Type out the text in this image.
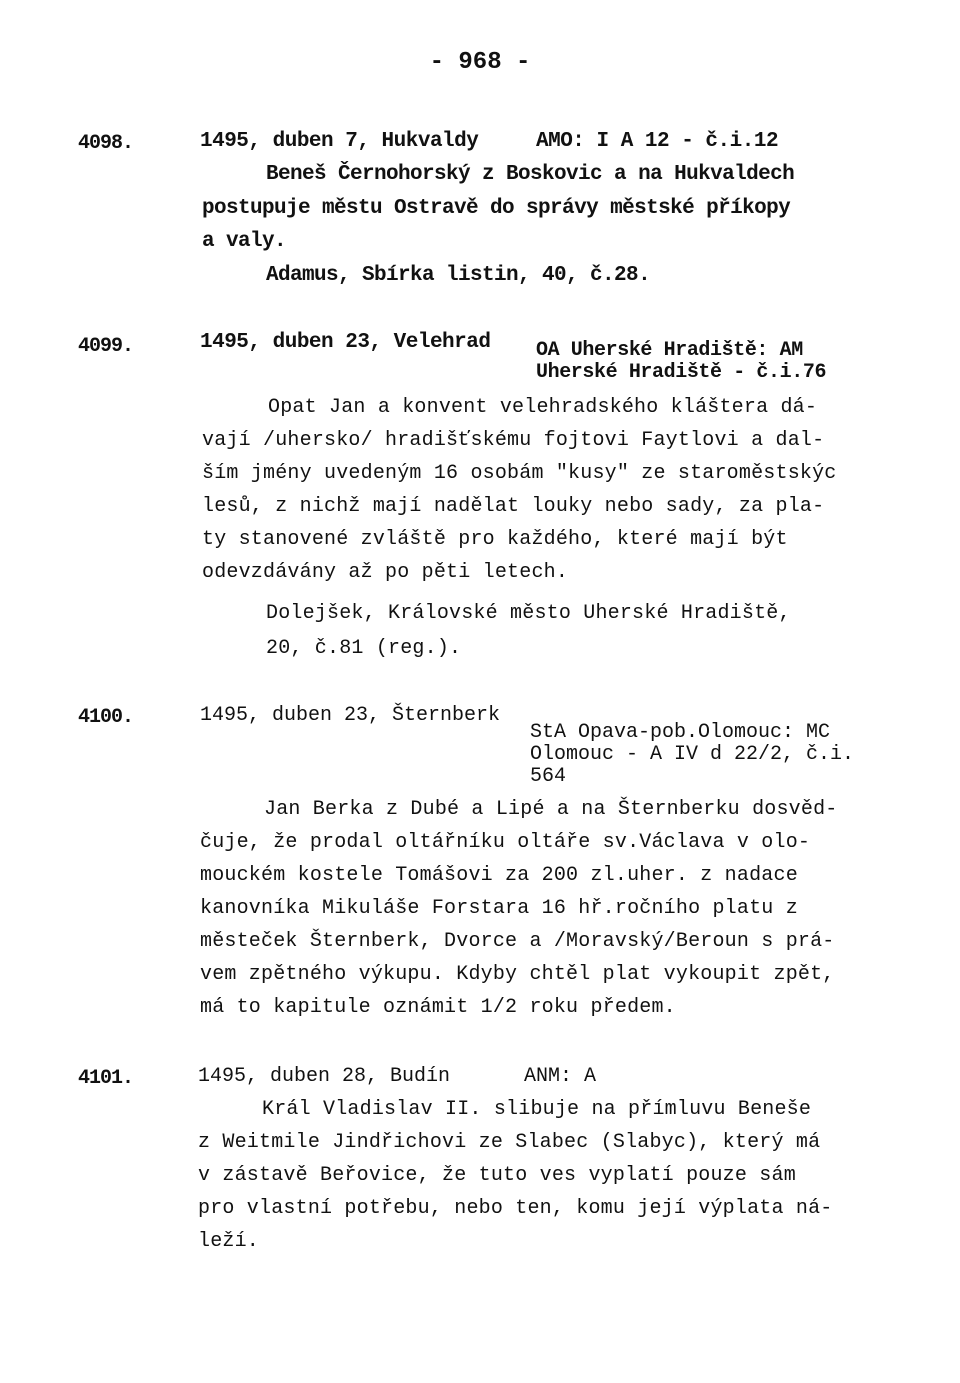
- 968 -
4098.	1495, duben 7, Hukvaldy	AMO: I A 12 - č.i.12
Beneš Černohorský z Boskovic a na Hukvaldech
postupuje městu Ostravě do správy městské příkopy
a valy.
Adamus, Sbírka listin, 40, č.28.
4099.	1495, duben 23, Velehrad OA Uherské Hradiště: AM
Uherské Hradiště - č.i.76
Opat Jan a konvent velehradského kláštera dá-
vají /uhersko/ hradišťskému fojtovi Faytlovi a dal-
ším jmény uvedeným 16 osobám "kusy" ze staroměstskýc
lesů, z nichž mají nadělat louky nebo sady, za pla-
ty stanovené zvláště pro každého, které mají být
odevzdávány až po pěti letech.
Dolejšek, Královské město Uherské Hradiště,
20, č.81 (reg.).
4100.	1495, duben 23, Šternberk
StA Opava-pob.Olomouc: MC
Olomouc - A IV d 22/2, č.i.
564
Jan Berka z Dubé a Lipé a na Šternberku dosvěd-
čuje, že prodal oltářníku oltáře sv.Václava v olo-
mouckém kostele Tomášovi za 200 zl.uher. z nadace
kanovníka Mikuláše Forstara 16 hř.ročního platu z
městeček Šternberk, Dvorce a /Moravský/Beroun s prá-
vem zpětného výkupu. Kdyby chtěl plat vykoupit zpět,
má to kapitule oznámit 1/2 roku předem.
4101.	1495, duben 28, Budín	ANM: A
Král Vladislav II. slibuje na přímluvu Beneše
z Weitmile Jindřichovi ze Slabec (Slabyc), který má
v zástavě Beřovice, že tuto ves vyplatí pouze sám
pro vlastní potřebu, nebo ten, komu její výplata ná-
leží.
